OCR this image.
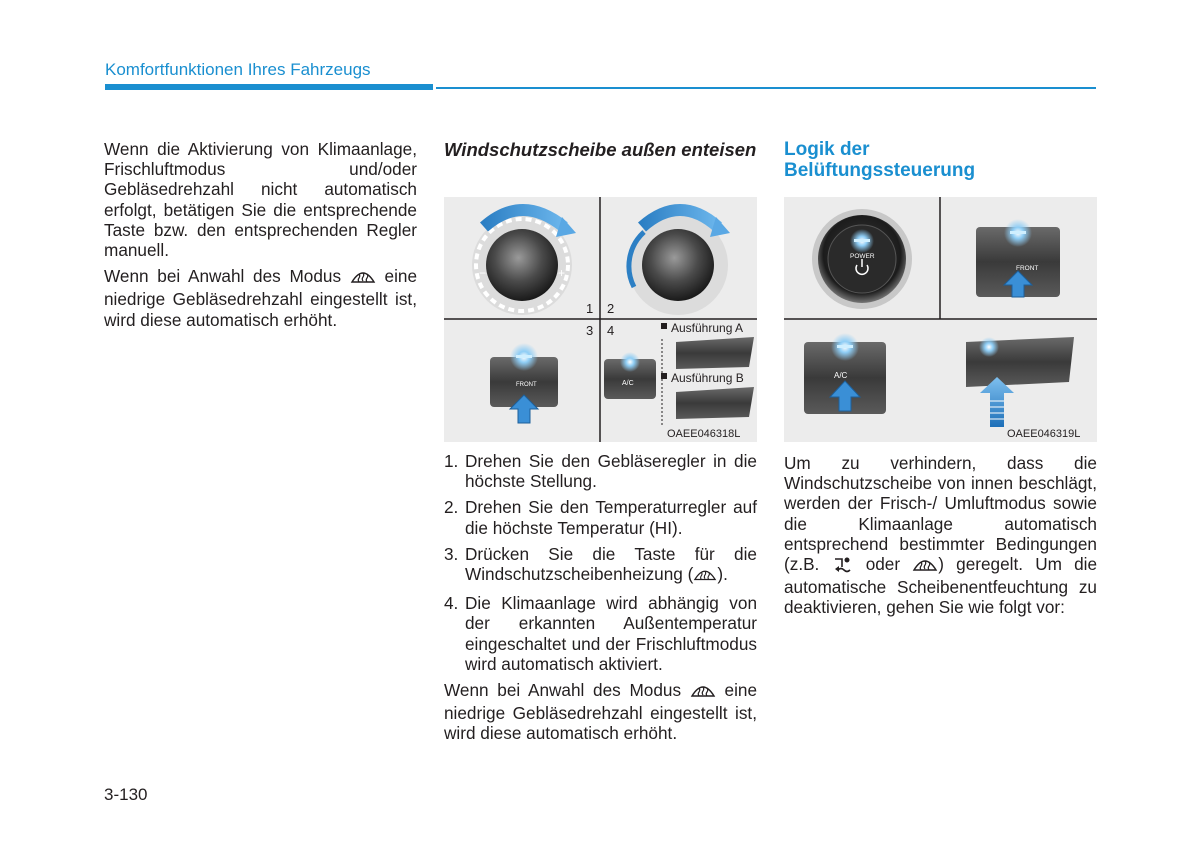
Komfortfunktionen Ihres Fahrzeugs

Wenn die Aktivierung von Klimaanlage, Frischluftmodus und/oder Gebläsedrehzahl nicht automatisch erfolgt, betätigen Sie die entsprechende Taste bzw. den entsprechenden Regler manuell.

Wenn bei Anwahl des Modus	eine niedrige Gebläsedrehzahl eingestellt ist, wird diese automatisch erhöht.

Windschutzscheibe außen enteisen
−	+
1 2
3 4
FRONT	A/C
Ausführung A
Ausführung B
OAEE046318L
1. Drehen Sie den Gebläseregler in die höchste Stellung.
2. Drehen Sie den Temperaturregler auf die höchste Temperatur (HI).
3. Drücken Sie die Taste für die Windschutzscheibenheizung ( ).
4. Die Klimaanlage wird abhängig von der erkannten Außentemperatur eingeschaltet und der Frischluftmodus wird automatisch aktiviert.

Wenn bei Anwahl des Modus	eine niedrige Gebläsedrehzahl eingestellt ist, wird diese automatisch erhöht.

Logik der
Belüftungssteuerung
POWER
FRONT
A/C
OAEE046319L

Um zu verhindern, dass die Windschutzscheibe von innen beschlägt, werden der Frisch-/ Umluftmodus sowie die Klimaanlage automatisch entsprechend bestimmter Bedingungen (z.B.	oder ) geregelt. Um die automatische Scheibenentfeuchtung zu deaktivieren, gehen Sie wie folgt vor:

3-130
